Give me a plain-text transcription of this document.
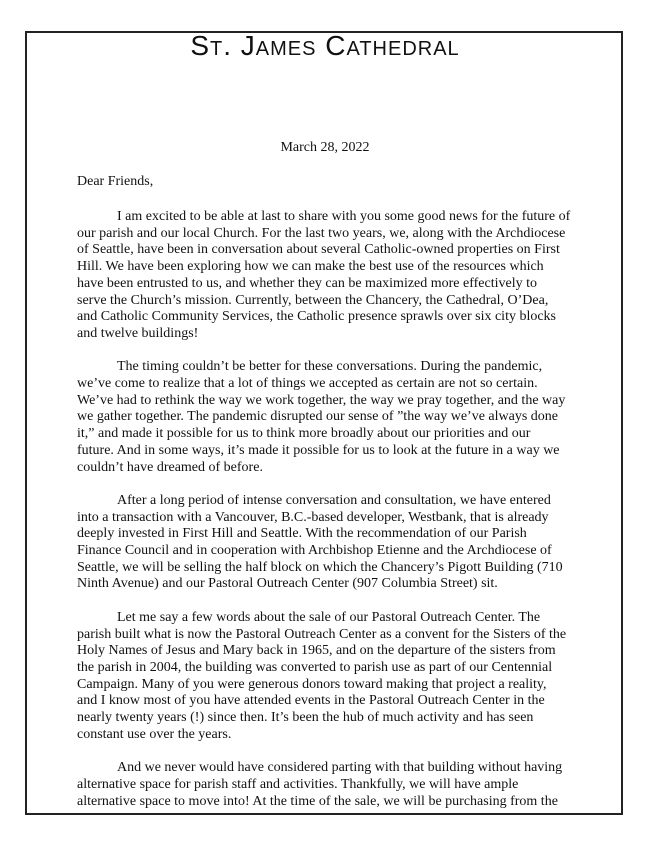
St. James Cathedral
March 28, 2022
Dear Friends,
I am excited to be able at last to share with you some good news for the future of
our parish and our local Church. For the last two years, we, along with the Archdiocese
of Seattle, have been in conversation about several Catholic-owned properties on First
Hill. We have been exploring how we can make the best use of the resources which
have been entrusted to us, and whether they can be maximized more effectively to
serve the Church’s mission. Currently, between the Chancery, the Cathedral, O’Dea,
and Catholic Community Services, the Catholic presence sprawls over six city blocks
and twelve buildings!
The timing couldn’t be better for these conversations. During the pandemic,
we’ve come to realize that a lot of things we accepted as certain are not so certain.
We’ve had to rethink the way we work together, the way we pray together, and the way
we gather together. The pandemic disrupted our sense of ”the way we’ve always done
it,” and made it possible for us to think more broadly about our priorities and our
future. And in some ways, it’s made it possible for us to look at the future in a way we
couldn’t have dreamed of before.
After a long period of intense conversation and consultation, we have entered
into a transaction with a Vancouver, B.C.-based developer, Westbank, that is already
deeply invested in First Hill and Seattle. With the recommendation of our Parish
Finance Council and in cooperation with Archbishop Etienne and the Archdiocese of
Seattle, we will be selling the half block on which the Chancery’s Pigott Building (710
Ninth Avenue) and our Pastoral Outreach Center (907 Columbia Street) sit.
Let me say a few words about the sale of our Pastoral Outreach Center. The
parish built what is now the Pastoral Outreach Center as a convent for the Sisters of the
Holy Names of Jesus and Mary back in 1965, and on the departure of the sisters from
the parish in 2004, the building was converted to parish use as part of our Centennial
Campaign. Many of you were generous donors toward making that project a reality,
and I know most of you have attended events in the Pastoral Outreach Center in the
nearly twenty years (!) since then. It’s been the hub of much activity and has seen
constant use over the years.
And we never would have considered parting with that building without having
alternative space for parish staff and activities. Thankfully, we will have ample
alternative space to move into! At the time of the sale, we will be purchasing from the
